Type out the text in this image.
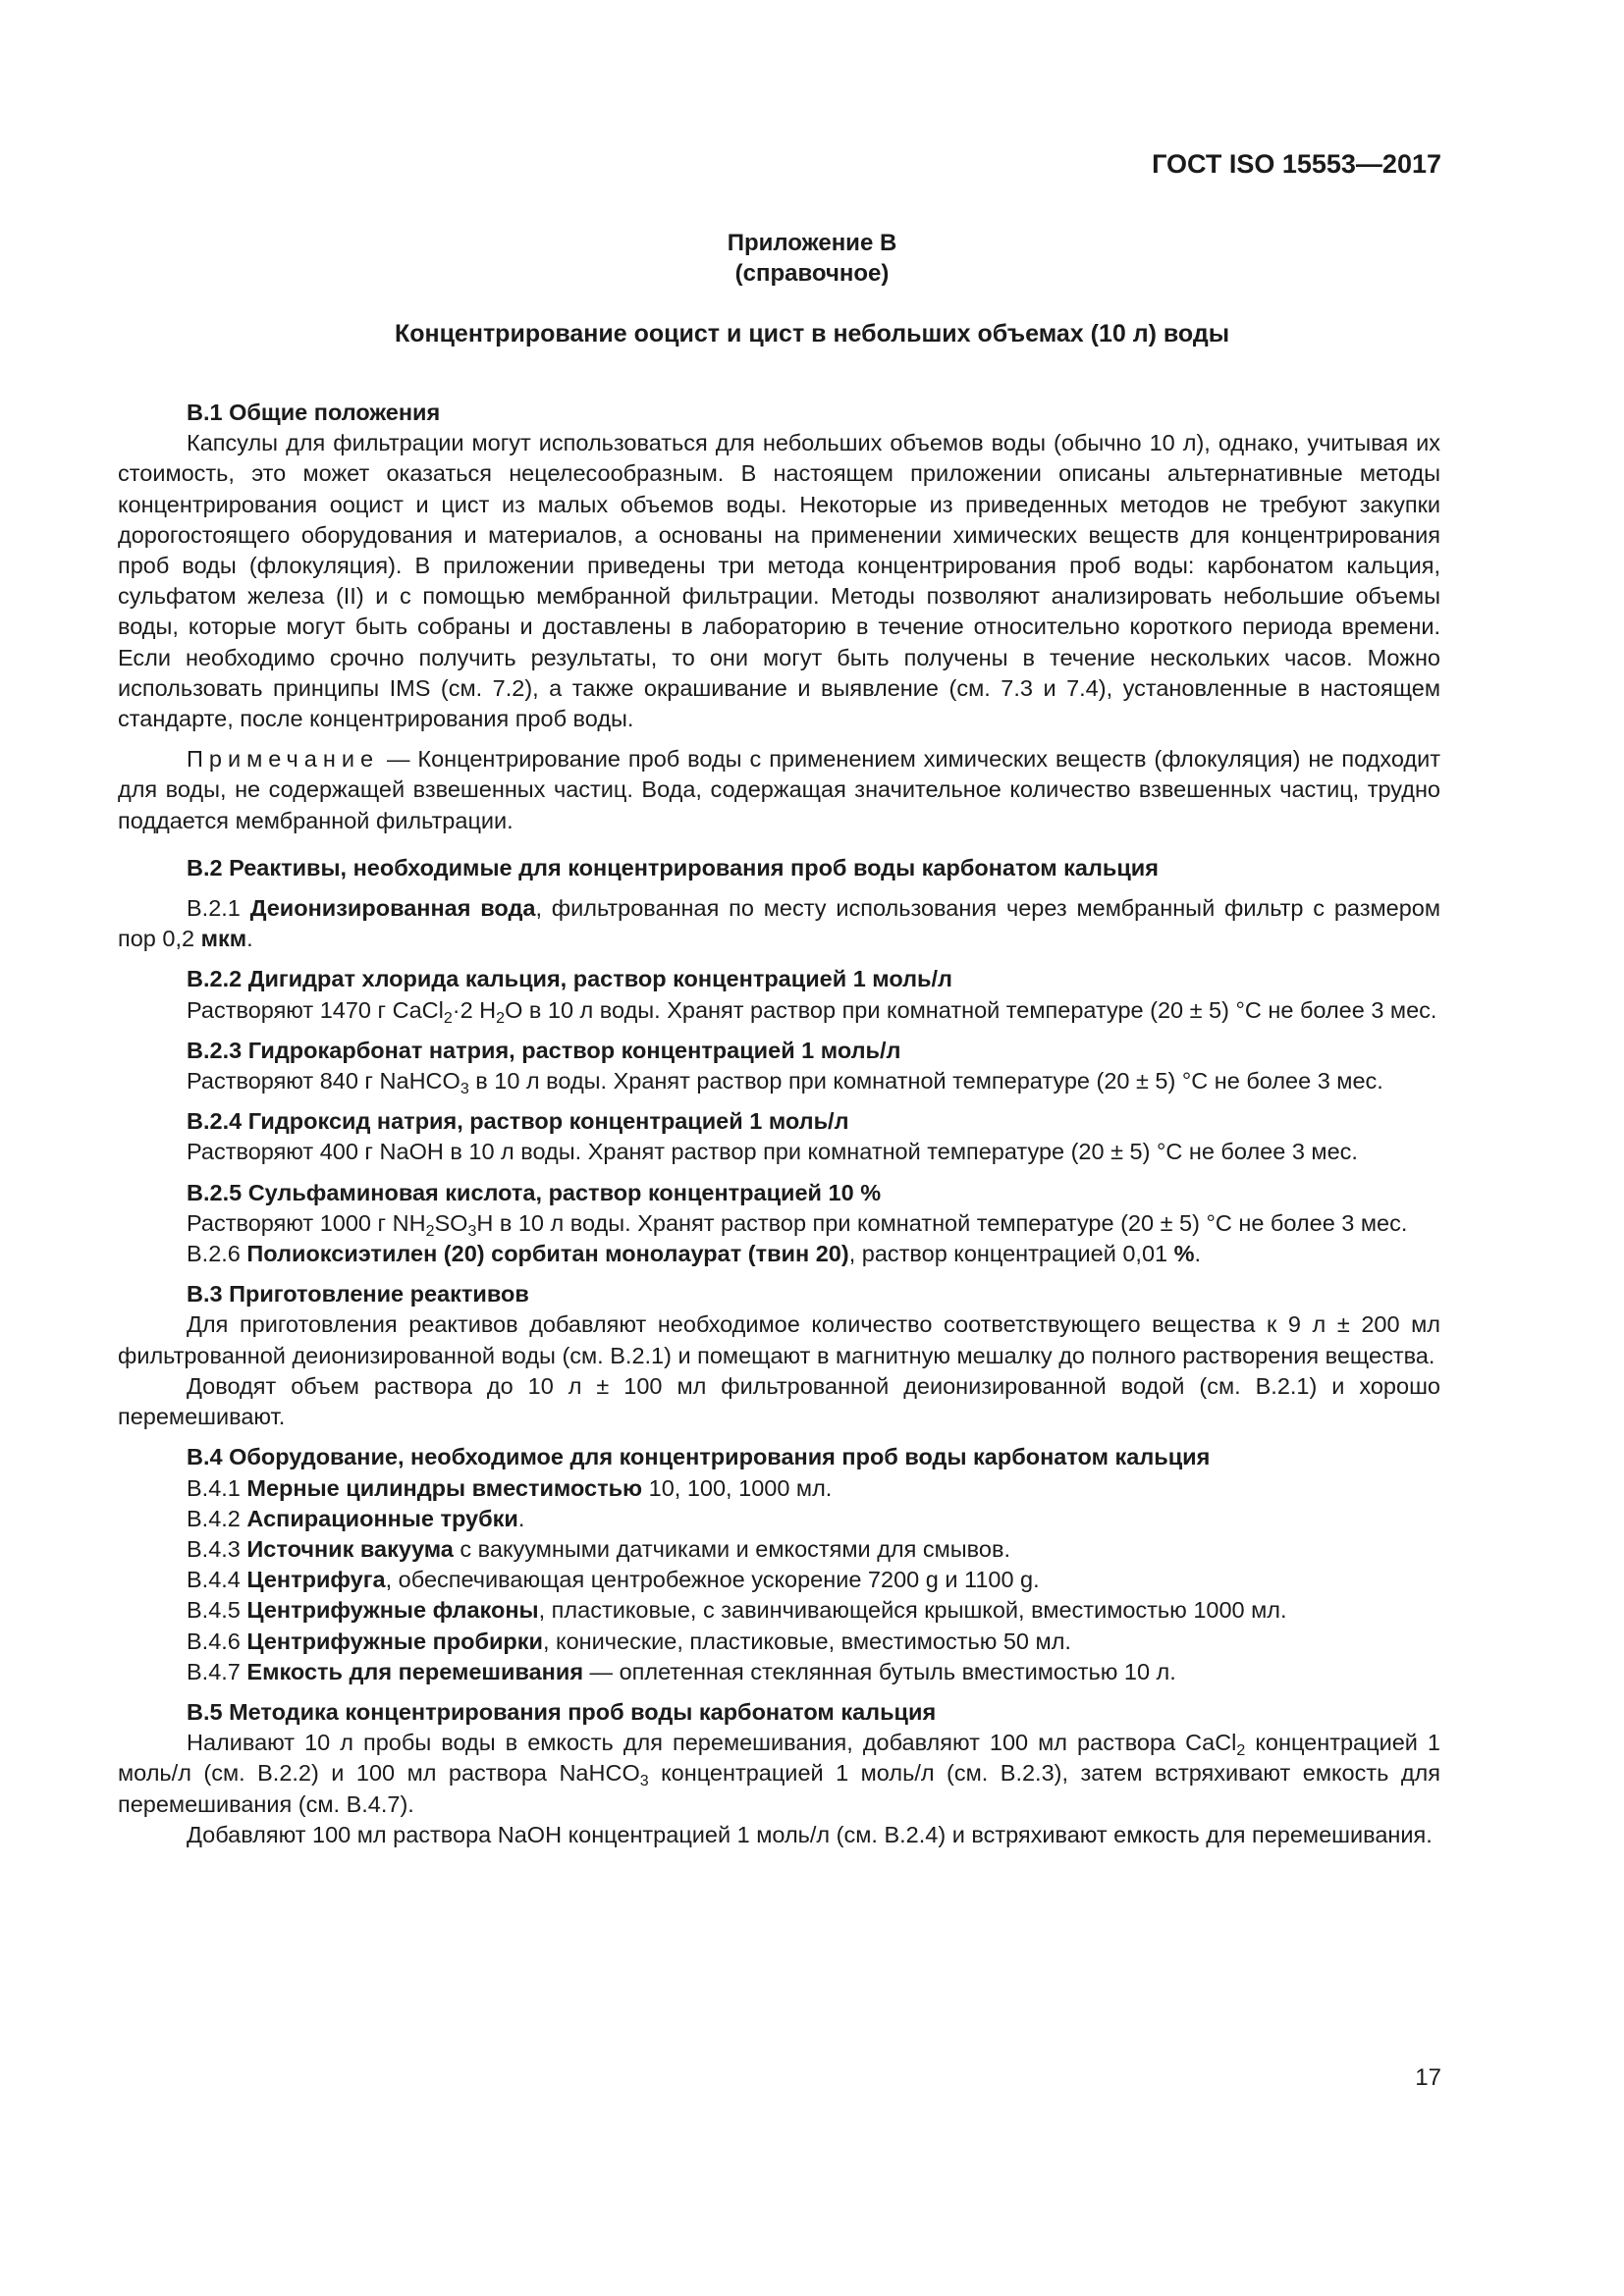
ГОСТ ISO 15553—2017
Приложение В
(справочное)
Концентрирование ооцист и цист в небольших объемах (10 л) воды
В.1 Общие положения

Капсулы для фильтрации могут использоваться для небольших объемов воды (обычно 10 л), однако, учитывая их стоимость, это может оказаться нецелесообразным. В настоящем приложении описаны альтернативные методы концентрирования ооцист и цист из малых объемов воды. Некоторые из приведенных методов не требуют закупки дорогостоящего оборудования и материалов, а основаны на применении химических веществ для концентрирования проб воды (флокуляция). В приложении приведены три метода концентрирования проб воды: карбонатом кальция, сульфатом железа (II) и с помощью мембранной фильтрации. Методы позволяют анализировать небольшие объемы воды, которые могут быть собраны и доставлены в лабораторию в течение относительно короткого периода времени. Если необходимо срочно получить результаты, то они могут быть получены в течение нескольких часов. Можно использовать принципы IMS (см. 7.2), а также окрашивание и выявление (см. 7.3 и 7.4), установленные в настоящем стандарте, после концентрирования проб воды.

Примечание — Концентрирование проб воды с применением химических веществ (флокуляция) не подходит для воды, не содержащей взвешенных частиц. Вода, содержащая значительное количество взвешенных частиц, трудно поддается мембранной фильтрации.

В.2 Реактивы, необходимые для концентрирования проб воды карбонатом кальция

В.2.1 Деионизированная вода, фильтрованная по месту использования через мембранный фильтр с размером пор 0,2 мкм.

В.2.2 Дигидрат хлорида кальция, раствор концентрацией 1 моль/л

Растворяют 1470 г CaCl$_2$·2 $H_2O$ в 10 л воды. Хранят раствор при комнатной температуре (20 ± 5) °С не более 3 мес.

В.2.3 Гидрокарбонат натрия, раствор концентрацией 1 моль/л

Растворяют 840 г NaHCO$_3$ в 10 л воды. Хранят раствор при комнатной температуре (20 ± 5) °С не более 3 мес.

В.2.4 Гидроксид натрия, раствор концентрацией 1 моль/л

Растворяют 400 г NaOH в 10 л воды. Хранят раствор при комнатной температуре (20 ± 5) °С не более 3 мес.

В.2.5 Сульфаминовая кислота, раствор концентрацией 10 %

Растворяют 1000 г $NH_2SO_3H$ в 10 л воды. Хранят раствор при комнатной температуре (20 ± 5) °С не более 3 мес.

В.2.6 Полиоксиэтилен (20) сорбитан монолаурат (твин 20), раствор концентрацией 0,01 %.

В.3 Приготовление реактивов

Для приготовления реактивов добавляют необходимое количество соответствующего вещества к 9 л ± 200 мл фильтрованной деионизированной воды (см. В.2.1) и помещают в магнитную мешалку до полного растворения вещества.

Доводят объем раствора до 10 л ± 100 мл фильтрованной деионизированной водой (см. В.2.1) и хорошо перемешивают.

В.4 Оборудование, необходимое для концентрирования проб воды карбонатом кальция

В.4.1 Мерные цилиндры вместимостью 10, 100, 1000 мл.

В.4.2 Аспирационные трубки.

В.4.3 Источник вакуума с вакуумными датчиками и емкостями для смывов.

В.4.4 Центрифуга, обеспечивающая центробежное ускорение 7200 g и 1100 g.

В.4.5 Центрифужные флаконы, пластиковые, с завинчивающейся крышкой, вместимостью 1000 мл.

В.4.6 Центрифужные пробирки, конические, пластиковые, вместимостью 50 мл.

В.4.7 Емкость для перемешивания — оплетенная стеклянная бутыль вместимостью 10 л.

В.5 Методика концентрирования проб воды карбонатом кальция

Наливают 10 л пробы воды в емкость для перемешивания, добавляют 100 мл раствора CaCl$_2$ концентрацией 1 моль/л (см. В.2.2) и 100 мл раствора NaHCO$_3$ концентрацией 1 моль/л (см. В.2.3), затем встряхивают емкость для перемешивания (см. В.4.7).

Добавляют 100 мл раствора NaOH концентрацией 1 моль/л (см. В.2.4) и встряхивают емкость для перемешивания.

17
